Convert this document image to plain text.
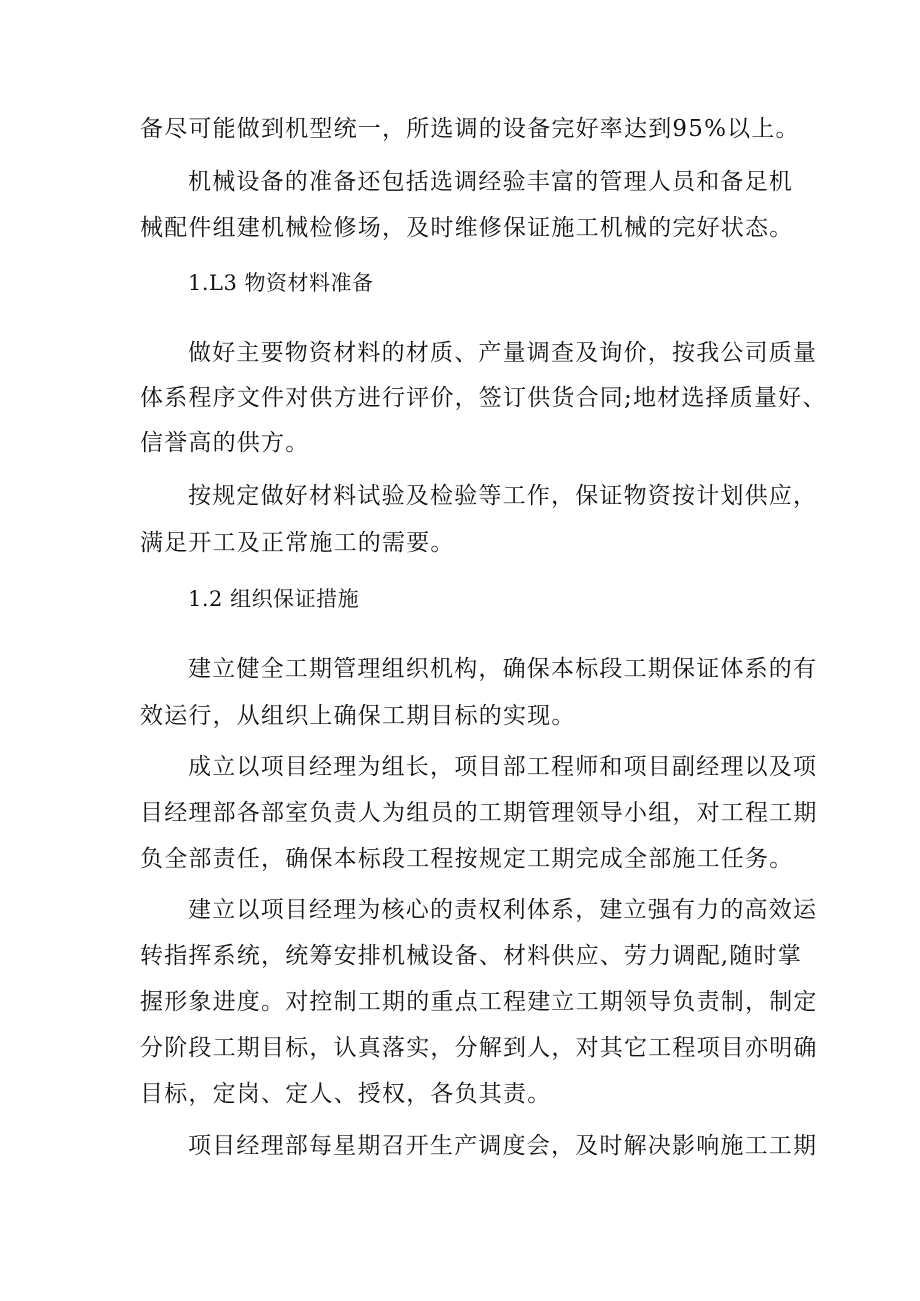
备尽可能做到机型统一，所选调的设备完好率达到95%以上。
机械设备的准备还包括选调经验丰富的管理人员和备足机
械配件组建机械检修场，及时维修保证施工机械的完好状态。
1.L3 物资材料准备
做好主要物资材料的材质、产量调查及询价，按我公司质量
体系程序文件对供方进行评价，签订供货合同;地材选择质量好、
信誉高的供方。
按规定做好材料试验及检验等工作，保证物资按计划供应，
满足开工及正常施工的需要。
1.2 组织保证措施
建立健全工期管理组织机构，确保本标段工期保证体系的有
效运行，从组织上确保工期目标的实现。
成立以项目经理为组长，项目部工程师和项目副经理以及项
目经理部各部室负责人为组员的工期管理领导小组，对工程工期
负全部责任，确保本标段工程按规定工期完成全部施工任务。
建立以项目经理为核心的责权利体系，建立强有力的高效运
转指挥系统，统筹安排机械设备、材料供应、劳力调配,随时掌
握形象进度。对控制工期的重点工程建立工期领导负责制，制定
分阶段工期目标，认真落实，分解到人，对其它工程项目亦明确
目标，定岗、定人、授权，各负其责。
项目经理部每星期召开生产调度会，及时解决影响施工工期
